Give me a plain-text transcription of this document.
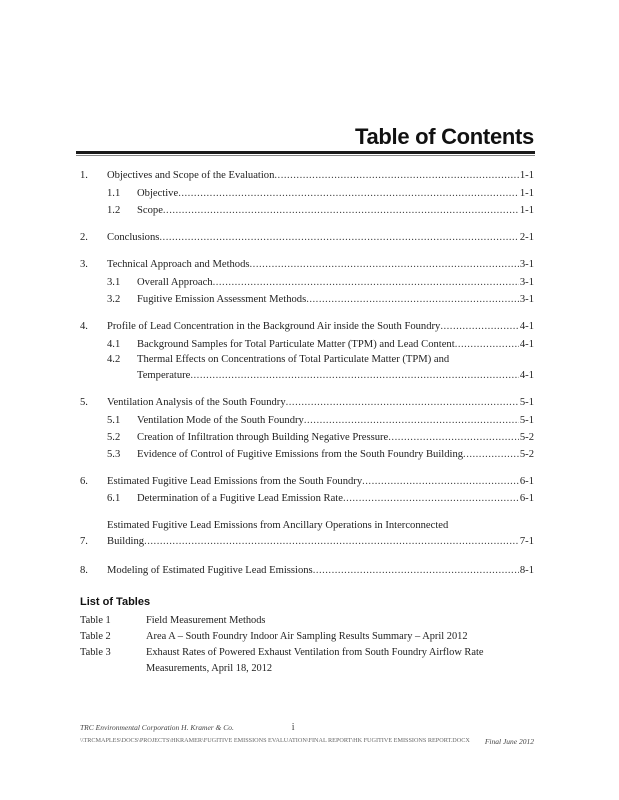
Table of Contents
1. Objectives and Scope of the Evaluation .....	1-1
1.1 Objective .....	1-1
1.2 Scope .....	1-1
2. Conclusions .....	2-1
3. Technical Approach and Methods .....	3-1
3.1 Overall Approach .....	3-1
3.2 Fugitive Emission Assessment Methods .....	3-1
4. Profile of Lead Concentration in the Background Air inside the South Foundry .....	4-1
4.1 Background Samples for Total Particulate Matter (TPM) and Lead Content .....	4-1
4.2 Thermal Effects on Concentrations of Total Particulate Matter (TPM) and
Temperature .....	4-1
5. Ventilation Analysis of the South Foundry .....	5-1
5.1 Ventilation Mode of the South Foundry .....	5-1
5.2 Creation of Infiltration through Building Negative Pressure .....	5-2
5.3 Evidence of Control of Fugitive Emissions from the South Foundry Building .....	5-2
6. Estimated Fugitive Lead Emissions from the South Foundry .....	6-1
6.1 Determination of a Fugitive Lead Emission Rate .....	6-1
Estimated Fugitive Lead Emissions from Ancillary Operations in Interconnected
7. Building .....	7-1
8. Modeling of Estimated Fugitive Lead Emissions .....	8-1
List of Tables
Table 1	Field Measurement Methods
Table 2	Area A – South Foundry Indoor Air Sampling Results Summary – April 2012
Table 3	Exhaust Rates of Powered Exhaust Ventilation from South Foundry Airflow Rate
Measurements, April 18, 2012
TRC Environmental Corporation H. Kramer & Co.	i
\\TRCMAPLES\DOCS\PROJECTS\HKRAMER\FUGITIVE EMISSIONS EVALUATION\FINAL REPORT\HK FUGITIVE EMISSIONS REPORT.DOCX Final June 2012
